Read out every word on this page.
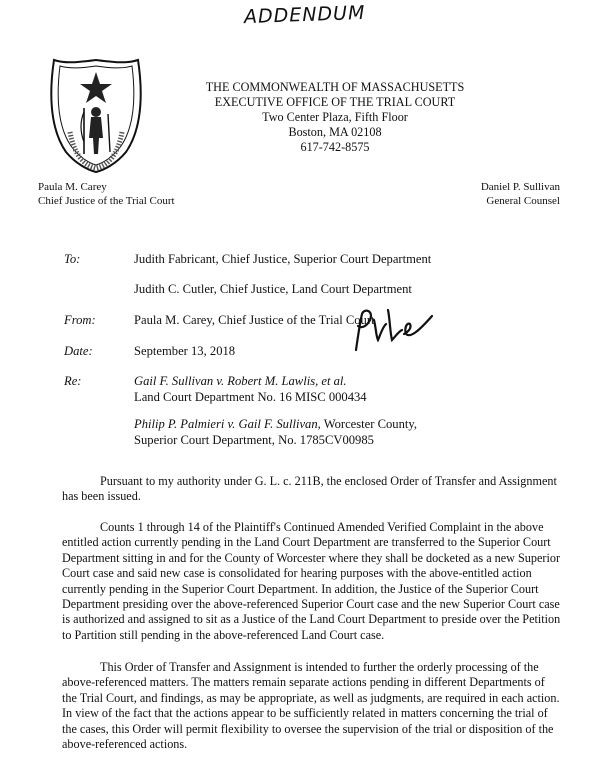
ADDENDUM
THE COMMONWEALTH OF MASSACHUSETTS
EXECUTIVE OFFICE OF THE TRIAL COURT
Two Center Plaza, Fifth Floor
Boston, MA 02108
617-742-8575
Paula M. Carey
Chief Justice of the Trial Court
Daniel P. Sullivan
General Counsel
To:	Judith Fabricant, Chief Justice, Superior Court Department
Judith C. Cutler, Chief Justice, Land Court Department
From:	Paula M. Carey, Chief Justice of the Trial Court
Date:	September 13, 2018
Re:	Gail F. Sullivan v. Robert M. Lawlis, et al.
Land Court Department No. 16 MISC 000434
Philip P. Palmieri v. Gail F. Sullivan, Worcester County,
Superior Court Department, No. 1785CV00985
Pursuant to my authority under G. L. c. 211B, the enclosed Order of Transfer and Assignment
has been issued.
Counts 1 through 14 of the Plaintiff's Continued Amended Verified Complaint in the above
entitled action currently pending in the Land Court Department are transferred to the Superior Court
Department sitting in and for the County of Worcester where they shall be docketed as a new Superior
Court case and said new case is consolidated for hearing purposes with the above-entitled action
currently pending in the Superior Court Department. In addition, the Justice of the Superior Court
Department presiding over the above-referenced Superior Court case and the new Superior Court case
is authorized and assigned to sit as a Justice of the Land Court Department to preside over the Petition
to Partition still pending in the above-referenced Land Court case.
This Order of Transfer and Assignment is intended to further the orderly processing of the
above-referenced matters. The matters remain separate actions pending in different Departments of
the Trial Court, and findings, as may be appropriate, as well as judgments, are required in each action.
In view of the fact that the actions appear to be sufficiently related in matters concerning the trial of
the cases, this Order will permit flexibility to oversee the supervision of the trial or disposition of the
above-referenced actions.
